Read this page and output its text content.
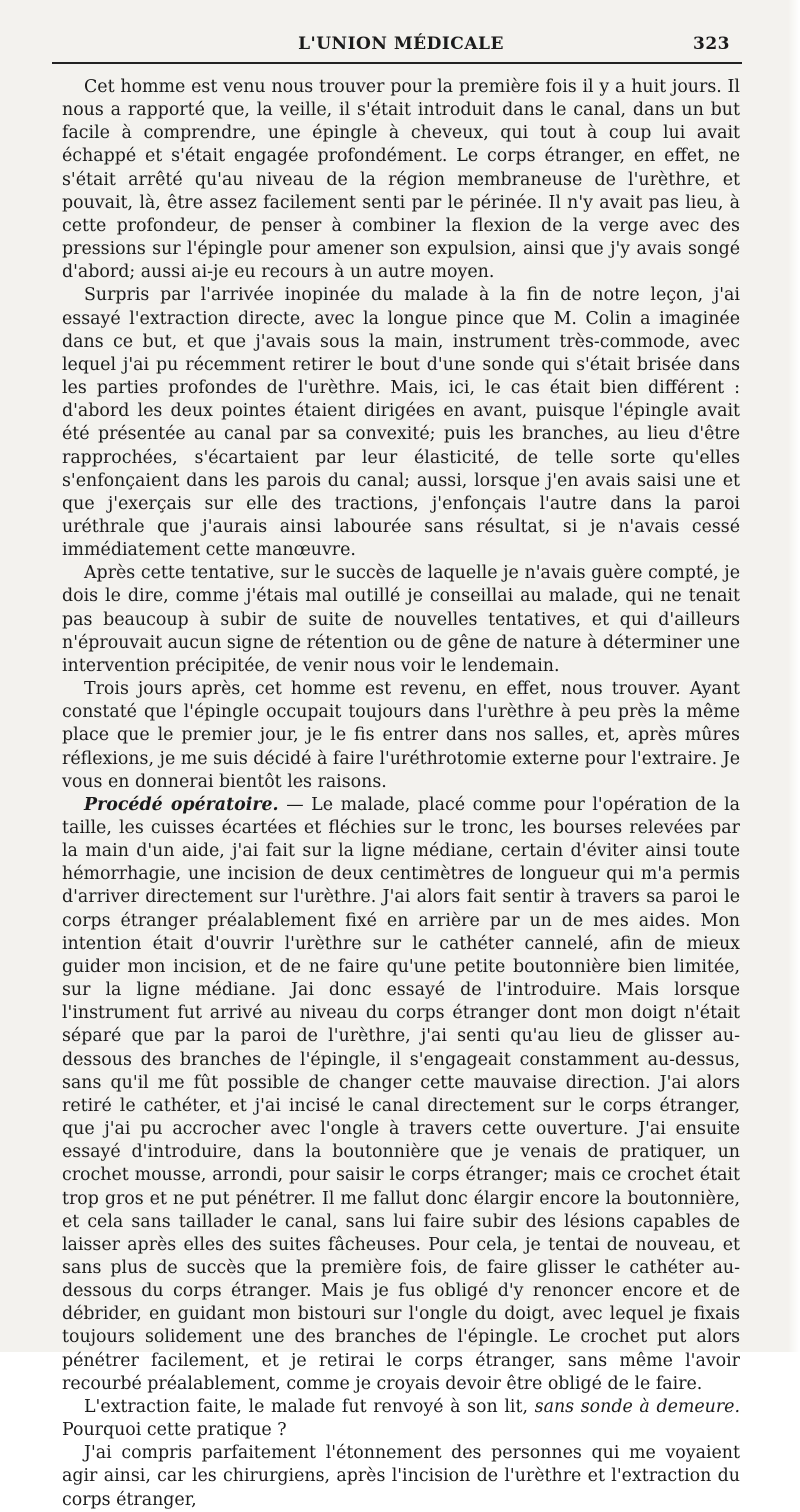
L'UNION MÉDICALE	323

Cet homme est venu nous trouver pour la première fois il y a huit jours. Il nous a rapporté que, la veille, il s'était introduit dans le canal, dans un but facile à comprendre, une épingle à cheveux, qui tout à coup lui avait échappé et s'était engagée profondément. Le corps étranger, en effet, ne s'était arrêté qu'au niveau de la région membraneuse de l'urèthre, et pouvait, là, être assez facilement senti par le périnée. Il n'y avait pas lieu, à cette profondeur, de penser à combiner la flexion de la verge avec des pressions sur l'épingle pour amener son expulsion, ainsi que j'y avais songé d'abord; aussi ai-je eu recours à un autre moyen.

Surpris par l'arrivée inopinée du malade à la fin de notre leçon, j'ai essayé l'extraction directe, avec la longue pince que M. Colin a imaginée dans ce but, et que j'avais sous la main, instrument très-commode, avec lequel j'ai pu récemment retirer le bout d'une sonde qui s'était brisée dans les parties profondes de l'urèthre. Mais, ici, le cas était bien différent : d'abord les deux pointes étaient dirigées en avant, puisque l'épingle avait été présentée au canal par sa convexité; puis les branches, au lieu d'être rapprochées, s'écartaient par leur élasticité, de telle sorte qu'elles s'enfonçaient dans les parois du canal; aussi, lorsque j'en avais saisi une et que j'exerçais sur elle des tractions, j'enfonçais l'autre dans la paroi uréthrale que j'aurais ainsi labourée sans résultat, si je n'avais cessé immédiatement cette manœuvre.

Après cette tentative, sur le succès de laquelle je n'avais guère compté, je dois le dire, comme j'étais mal outillé je conseillai au malade, qui ne tenait pas beaucoup à subir de suite de nouvelles tentatives, et qui d'ailleurs n'éprouvait aucun signe de rétention ou de gêne de nature à déterminer une intervention précipitée, de venir nous voir le lendemain.

Trois jours après, cet homme est revenu, en effet, nous trouver. Ayant constaté que l'épingle occupait toujours dans l'urèthre à peu près la même place que le premier jour, je le fis entrer dans nos salles, et, après mûres réflexions, je me suis décidé à faire l'uréthrotomie externe pour l'extraire. Je vous en donnerai bientôt les raisons.

Procédé opératoire. — Le malade, placé comme pour l'opération de la taille, les cuisses écartées et fléchies sur le tronc, les bourses relevées par la main d'un aide, j'ai fait sur la ligne médiane, certain d'éviter ainsi toute hémorrhagie, une incision de deux centimètres de longueur qui m'a permis d'arriver directement sur l'urèthre. J'ai alors fait sentir à travers sa paroi le corps étranger préalablement fixé en arrière par un de mes aides. Mon intention était d'ouvrir l'urèthre sur le cathéter cannelé, afin de mieux guider mon incision, et de ne faire qu'une petite boutonnière bien limitée, sur la ligne médiane. Jai donc essayé de l'introduire. Mais lorsque l'instrument fut arrivé au niveau du corps étranger dont mon doigt n'était séparé que par la paroi de l'urèthre, j'ai senti qu'au lieu de glisser au-dessous des branches de l'épingle, il s'engageait constamment au-dessus, sans qu'il me fût possible de changer cette mauvaise direction. J'ai alors retiré le cathéter, et j'ai incisé le canal directement sur le corps étranger, que j'ai pu accrocher avec l'ongle à travers cette ouverture. J'ai ensuite essayé d'introduire, dans la boutonnière que je venais de pratiquer, un crochet mousse, arrondi, pour saisir le corps étranger; mais ce crochet était trop gros et ne put pénétrer. Il me fallut donc élargir encore la boutonnière, et cela sans taillader le canal, sans lui faire subir des lésions capables de laisser après elles des suites fâcheuses. Pour cela, je tentai de nouveau, et sans plus de succès que la première fois, de faire glisser le cathéter au-dessous du corps étranger. Mais je fus obligé d'y renoncer encore et de débrider, en guidant mon bistouri sur l'ongle du doigt, avec lequel je fixais toujours solidement une des branches de l'épingle. Le crochet put alors pénétrer facilement, et je retirai le corps étranger, sans même l'avoir recourbé préalablement, comme je croyais devoir être obligé de le faire.

L'extraction faite, le malade fut renvoyé à son lit, sans sonde à demeure. Pourquoi cette pratique ?

J'ai compris parfaitement l'étonnement des personnes qui me voyaient agir ainsi, car les chirurgiens, après l'incision de l'urèthre et l'extraction du corps étranger,
